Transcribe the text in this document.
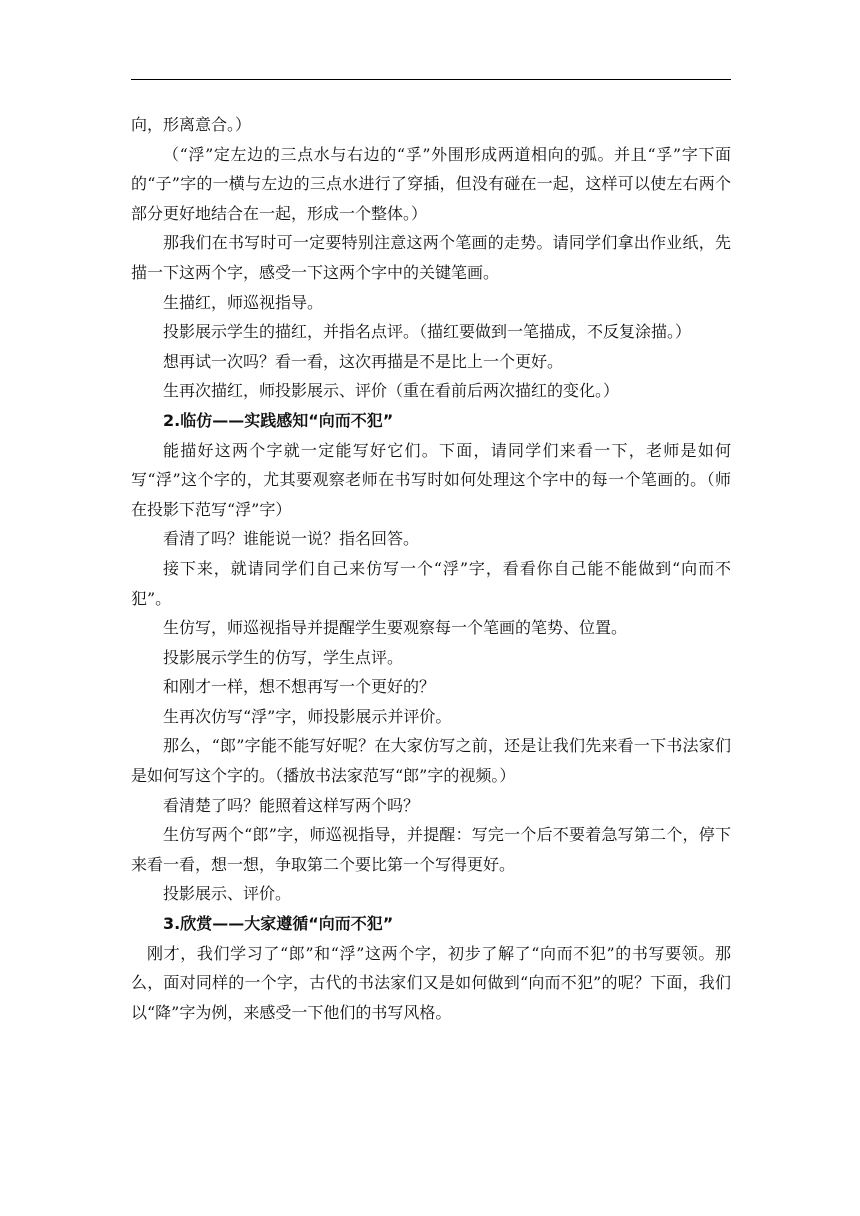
向，形离意合。）

（“浮”定左边的三点水与右边的“孚”外围形成两道相向的弧。并且“孚”字下面的“子”字的一横与左边的三点水进行了穿插，但没有碰在一起，这样可以使左右两个部分更好地结合在一起，形成一个整体。）

那我们在书写时可一定要特别注意这两个笔画的走势。请同学们拿出作业纸，先描一下这两个字，感受一下这两个字中的关键笔画。

生描红，师巡视指导。

投影展示学生的描红，并指名点评。（描红要做到一笔描成，不反复涂描。）

想再试一次吗？看一看，这次再描是不是比上一个更好。

生再次描红，师投影展示、评价（重在看前后两次描红的变化。）

2.临仿——实践感知“向而不犯”

能描好这两个字就一定能写好它们。下面，请同学们来看一下，老师是如何写“浮”这个字的，尤其要观察老师在书写时如何处理这个字中的每一个笔画的。（师在投影下范写“浮”字）

看清了吗？谁能说一说？指名回答。

接下来，就请同学们自己来仿写一个“浮”字，看看你自己能不能做到“向而不犯”。

生仿写，师巡视指导并提醒学生要观察每一个笔画的笔势、位置。

投影展示学生的仿写，学生点评。

和刚才一样，想不想再写一个更好的？

生再次仿写“浮”字，师投影展示并评价。

那么，“郎”字能不能写好呢？在大家仿写之前，还是让我们先来看一下书法家们是如何写这个字的。（播放书法家范写“郎”字的视频。）

看清楚了吗？能照着这样写两个吗？

生仿写两个“郎”字，师巡视指导，并提醒：写完一个后不要着急写第二个，停下来看一看，想一想，争取第二个要比第一个写得更好。

投影展示、评价。

3.欣赏——大家遵循“向而不犯”

刚才，我们学习了“郎”和“浮”这两个字，初步了解了“向而不犯”的书写要领。那么，面对同样的一个字，古代的书法家们又是如何做到“向而不犯”的呢？下面，我们以“降”字为例，来感受一下他们的书写风格。
